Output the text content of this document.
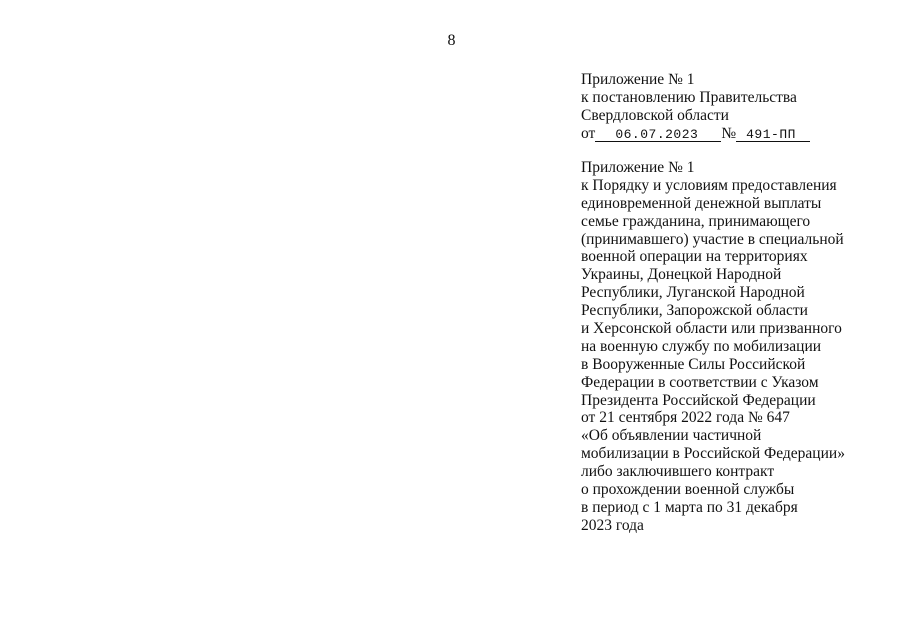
8
Приложение № 1
к постановлению Правительства
Свердловской области
от 06.07.2023 № 491-ПП
Приложение № 1
к Порядку и условиям предоставления
единовременной денежной выплаты
семье гражданина, принимающего
(принимавшего) участие в специальной
военной операции на территориях
Украины, Донецкой Народной
Республики, Луганской Народной
Республики, Запорожской области
и Херсонской области или призванного
на военную службу по мобилизации
в Вооруженные Силы Российской
Федерации в соответствии с Указом
Президента Российской Федерации
от 21 сентября 2022 года № 647
«Об объявлении частичной
мобилизации в Российской Федерации»
либо заключившего контракт
о прохождении военной службы
в период с 1 марта по 31 декабря
2023 года
